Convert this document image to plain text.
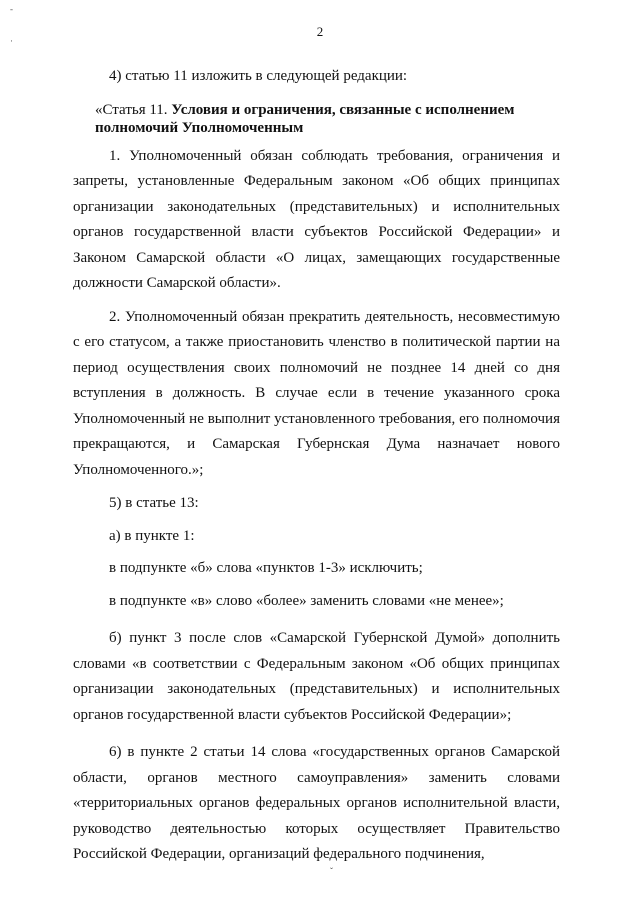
2
-
·
ˇ

4) статью 11 изложить в следующей редакции:

«Статья 11. Условия и ограничения, связанные с исполнением
полномочий Уполномоченным

1. Уполномоченный обязан соблюдать требования, ограничения и запреты, установленные Федеральным законом «Об общих принципах организации законодательных (представительных) и исполнительных органов государственной власти субъектов Российской Федерации» и Законом Самарской области «О лицах, замещающих государственные должности Самарской области».

2. Уполномоченный обязан прекратить деятельность, несовместимую с его статусом, а также приостановить членство в политической партии на период осуществления своих полномочий не позднее 14 дней со дня вступления в должность. В случае если в течение указанного срока Уполномоченный не выполнит установленного требования, его полномочия прекращаются, и Самарская Губернская Дума назначает нового Уполномоченного.»;

5) в статье 13:

а) в пункте 1:

в подпункте «б» слова «пунктов 1-3» исключить;

в подпункте «в» слово «более» заменить словами «не менее»;

б) пункт 3 после слов «Самарской Губернской Думой» дополнить словами «в соответствии с Федеральным законом «Об общих принципах организации законодательных (представительных) и исполнительных органов государственной власти субъектов Российской Федерации»;

6) в пункте 2 статьи 14 слова «государственных органов Самарской области, органов местного самоуправления» заменить словами «территориальных органов федеральных органов исполнительной власти, руководство деятельностью которых осуществляет Правительство Российской Федерации, организаций федерального подчинения,
